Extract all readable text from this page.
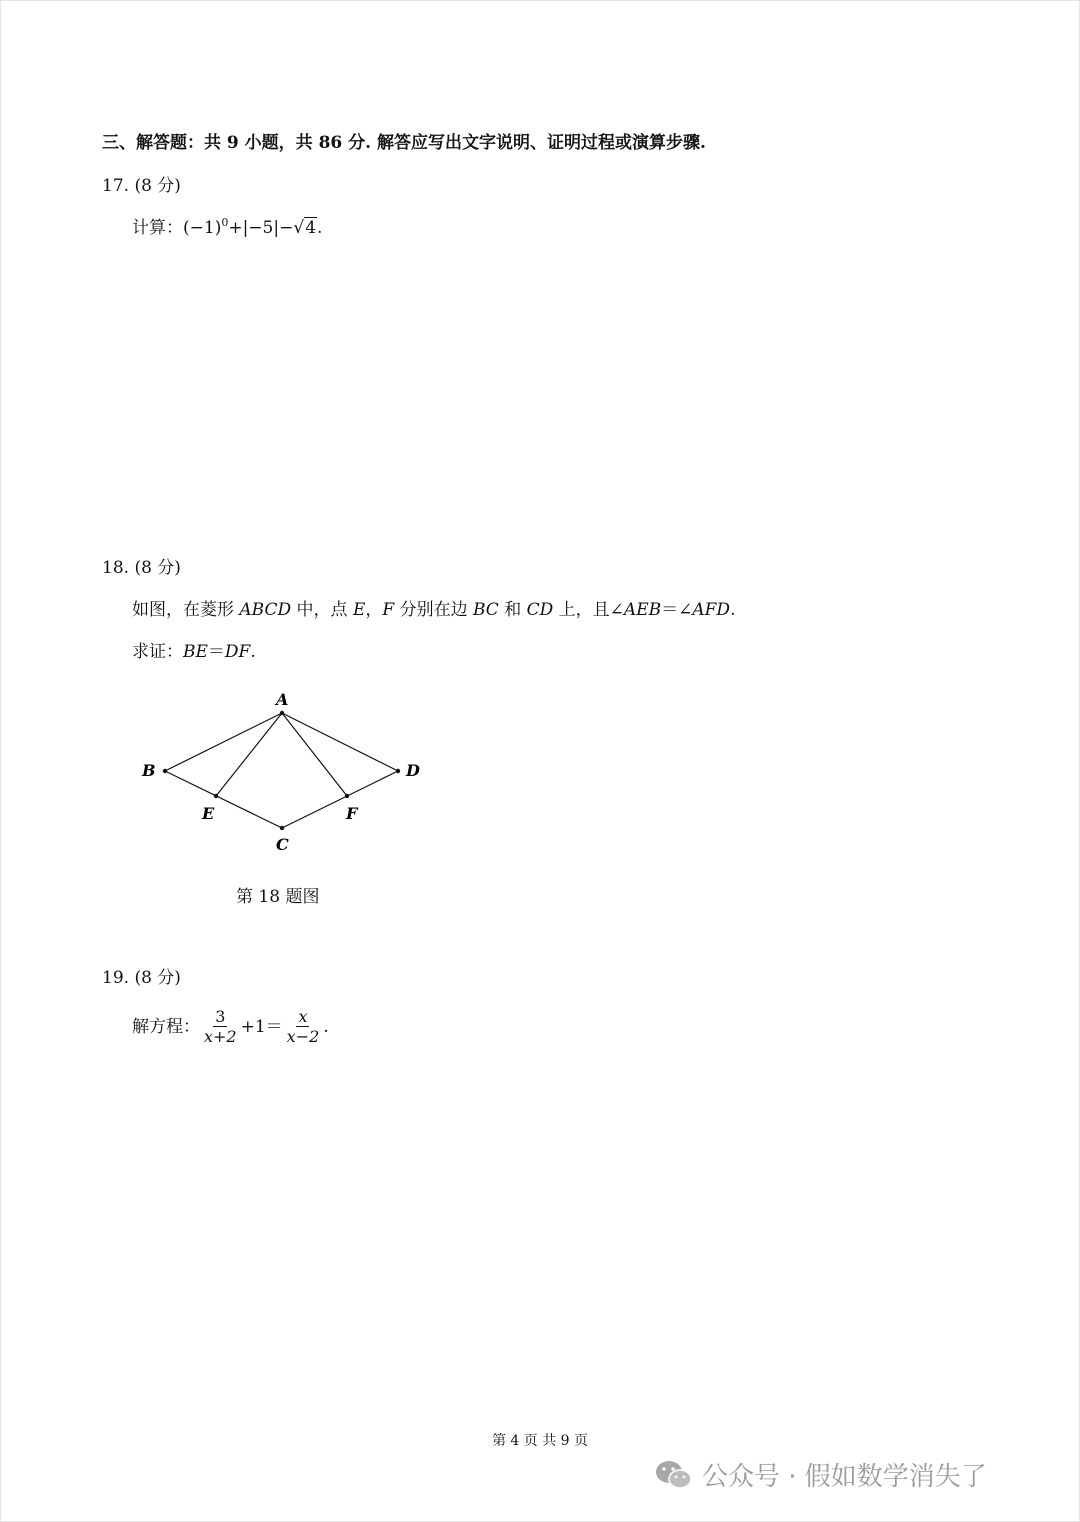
三、解答题：共 9 小题，共 86 分. 解答应写出文字说明、证明过程或演算步骤.
17. (8 分)
计算：$(-1)^0+|-5|-√4$.
18. (8 分)
如图，在菱形 ABCD 中，点 E，F 分别在边 BC 和 CD 上，且∠AEB＝∠AFD.
求证：BE＝DF.
A
B
C
D
E	F
第 18 题图
19. (8 分)
解方程： $\frac{3}{x+2} +1= \frac{x}{x-2}$ .
第 4 页 共 9 页
公众号 · 假如数学消失了
